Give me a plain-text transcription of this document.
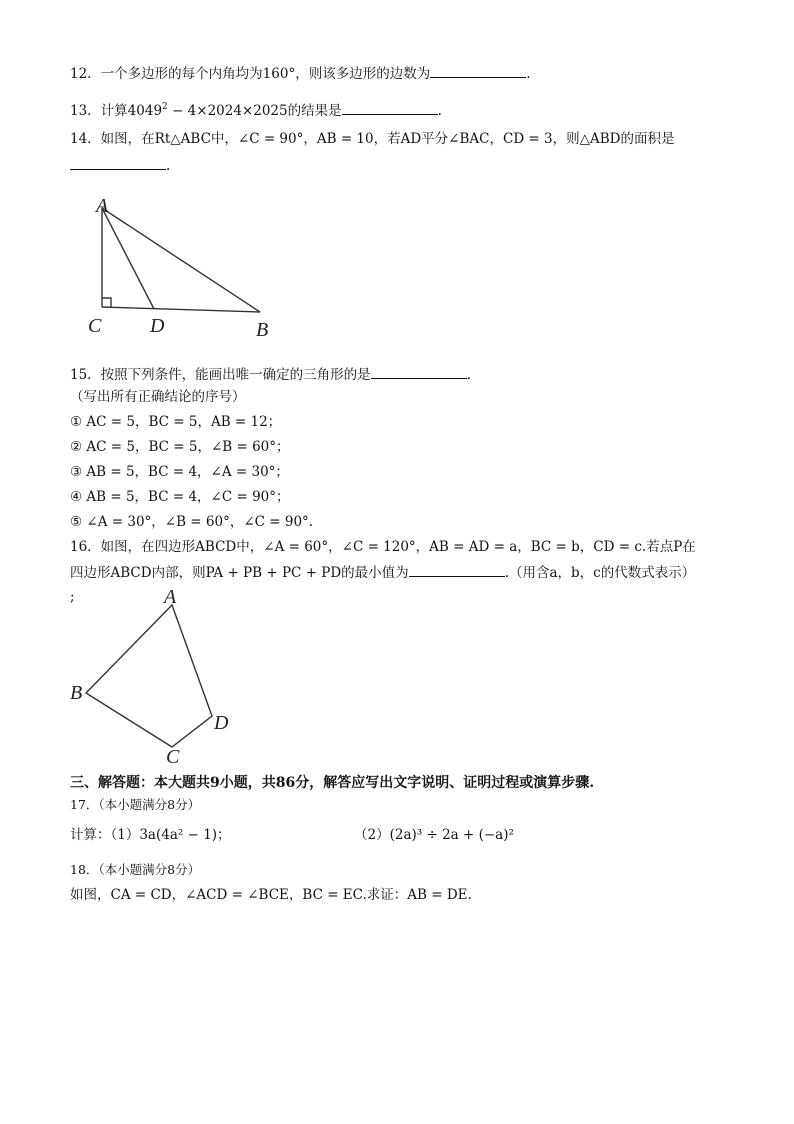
12．一个多边形的每个内角均为160°，则该多边形的边数为	.
13．计算$4049^2 - 4\times 2024\times 2025$的结果是	.
14．如图，在Rt△ABC中，∠C = 90°，AB = 10，若AD平分∠BAC，CD = 3，则△ABD的面积是
.
A
C D	B
15．按照下列条件，能画出唯一确定的三角形的是	.
（写出所有正确结论的序号）
① AC = 5，BC = 5，AB = 12；
② AC = 5，BC = 5，∠B = 60°；
③ AB = 5，BC = 4，∠A = 30°；
④ AB = 5，BC = 4，∠C = 90°；
⑤ ∠A = 30°，∠B = 60°，∠C = 90°.
16．如图，在四边形ABCD中，∠A = 60°，∠C = 120°，AB = AD = a，BC = b，CD = c.若点P在
四边形ABCD内部，则PA + PB + PC + PD的最小值为	.（用含a，b，c的代数式表示）
;	A
B
D
C
三、解答题：本大题共9小题，共86分，解答应写出文字说明、证明过程或演算步骤.
17．（本小题满分8分）
计算：（1）3a(4a² − 1)；	（2）(2a)³ ÷ 2a + (−a)²
18．（本小题满分8分）
如图，CA = CD，∠ACD = ∠BCE，BC = EC.求证：AB = DE.
